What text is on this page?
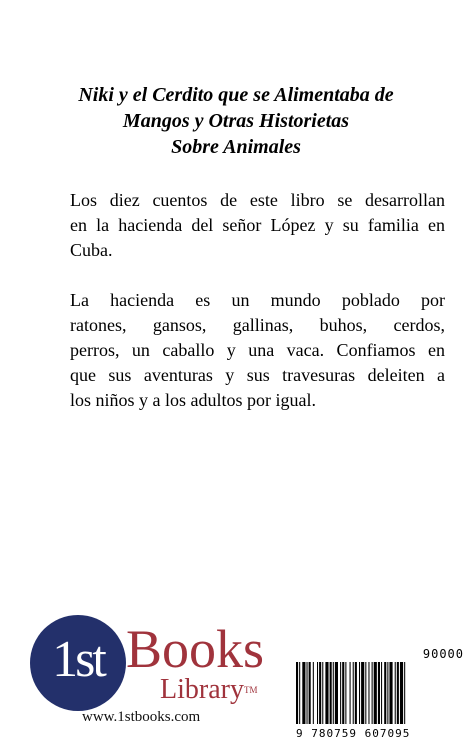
Niki y el Cerdito que se Alimentaba de
Mangos y Otras Historietas
Sobre Animales
Los diez cuentos de este libro se desarrollan
en la hacienda del señor López y su familia en
Cuba.
La hacienda es un mundo poblado por
ratones, gansos, gallinas, buhos, cerdos,
perros, un caballo y una vaca. Confiamos en
que sus aventuras y sus travesuras deleiten a
los niños y a los adultos por igual.
1st Books
Library™
www.1stbooks.com
90000
9 780759 607095
